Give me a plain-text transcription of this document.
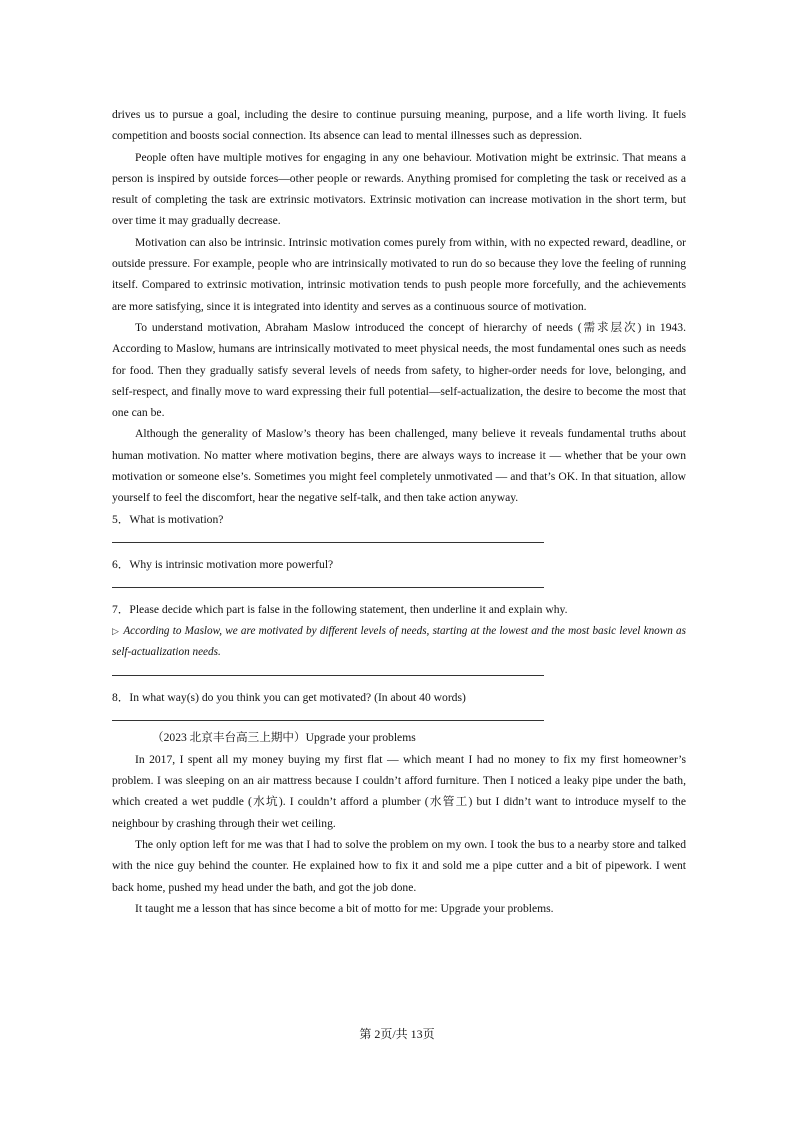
drives us to pursue a goal, including the desire to continue pursuing meaning, purpose, and a life worth living. It fuels competition and boosts social connection. Its absence can lead to mental illnesses such as depression.

People often have multiple motives for engaging in any one behaviour. Motivation might be extrinsic. That means a person is inspired by outside forces—other people or rewards. Anything promised for completing the task or received as a result of completing the task are extrinsic motivators. Extrinsic motivation can increase motivation in the short term, but over time it may gradually decrease.

Motivation can also be intrinsic. Intrinsic motivation comes purely from within, with no expected reward, deadline, or outside pressure. For example, people who are intrinsically motivated to run do so because they love the feeling of running itself. Compared to extrinsic motivation, intrinsic motivation tends to push people more forcefully, and the achievements are more satisfying, since it is integrated into identity and serves as a continuous source of motivation.

To understand motivation, Abraham Maslow introduced the concept of hierarchy of needs (需求层次) in 1943. According to Maslow, humans are intrinsically motivated to meet physical needs, the most fundamental ones such as needs for food. Then they gradually satisfy several levels of needs from safety, to higher-order needs for love, belonging, and self-respect, and finally move to ward expressing their full potential—self-actualization, the desire to become the most that one can be.

Although the generality of Maslow’s theory has been challenged, many believe it reveals fundamental truths about human motivation. No matter where motivation begins, there are always ways to increase it — whether that be your own motivation or someone else’s. Sometimes you might feel completely unmotivated — and that’s OK. In that situation, allow yourself to feel the discomfort, hear the negative self-talk, and then take action anyway.

5．What is motivation?

6．Why is intrinsic motivation more powerful?

7．Please decide which part is false in the following statement, then underline it and explain why.

▷ According to Maslow, we are motivated by different levels of needs, starting at the lowest and the most basic level known as self-actualization needs.

8．In what way(s) do you think you can get motivated? (In about 40 words)

（2023 北京丰台高三上期中）Upgrade your problems

In 2017, I spent all my money buying my first flat — which meant I had no money to fix my first homeowner’s problem. I was sleeping on an air mattress because I couldn’t afford furniture. Then I noticed a leaky pipe under the bath, which created a wet puddle (水坑). I couldn’t afford a plumber (水管工) but I didn’t want to introduce myself to the neighbour by crashing through their wet ceiling.

The only option left for me was that I had to solve the problem on my own. I took the bus to a nearby store and talked with the nice guy behind the counter. He explained how to fix it and sold me a pipe cutter and a bit of pipework. I went back home, pushed my head under the bath, and got the job done.

It taught me a lesson that has since become a bit of motto for me: Upgrade your problems.

第 2页/共 13页
